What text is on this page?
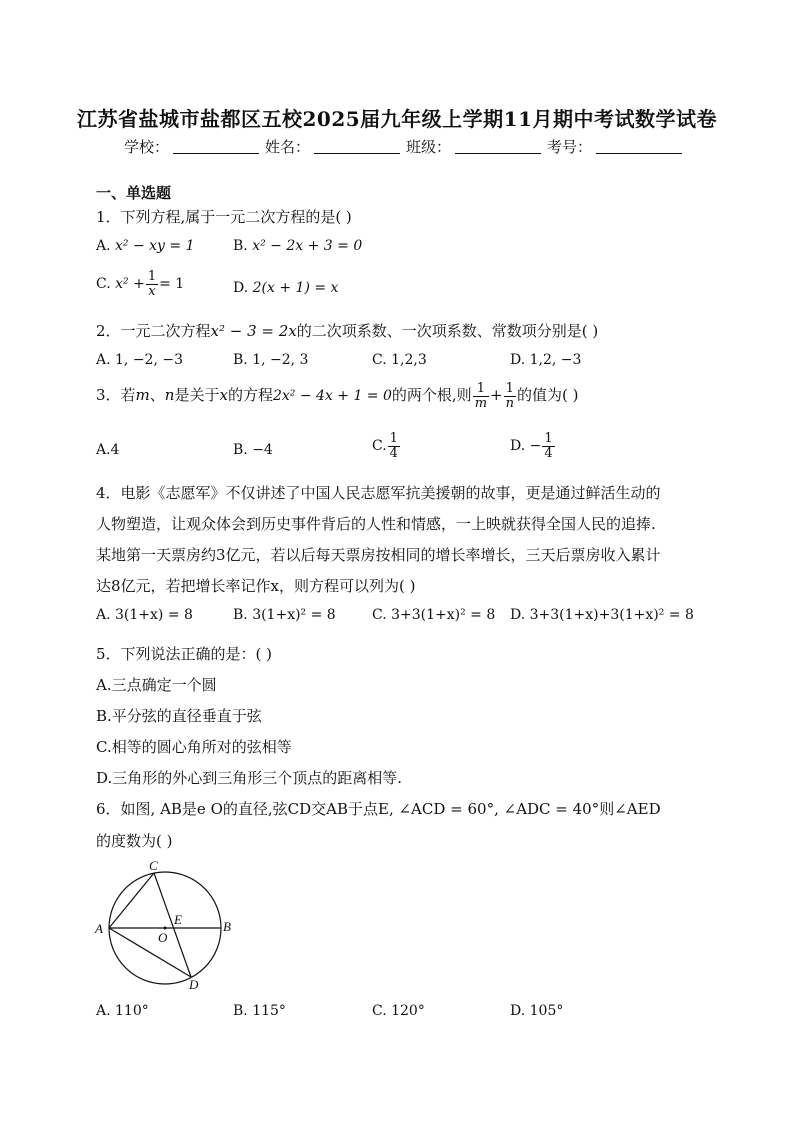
江苏省盐城市盐都区五校2025届九年级上学期11月期中考试数学试卷
学校：	姓名：	班级：	考号：
一、单选题
1．下列方程,属于一元二次方程的是( )
A. x² − xy = 1	B. x² − 2x + 3 = 0
C. $x^2 + \frac{1}{x} = 1$	D. 2(x + 1) = x
2．一元二次方程x² − 3 = 2x的二次项系数、一次项系数、常数项分别是( )
A. 1, −2, −3	B. 1, −2, 3	C. 1,2,3	D. 1,2, −3
3．若m、n是关于x的方程2x² − 4x + 1 = 0的两个根,则 $\frac{1}{m} + \frac{1}{n}$ 的值为( )
A.4	B. −4	C. $\frac{1}{4}$	D. − $\frac{1}{4}$
4．电影《志愿军》不仅讲述了中国人民志愿军抗美援朝的故事，更是通过鲜活生动的
人物塑造，让观众体会到历史事件背后的人性和情感，一上映就获得全国人民的追捧.
某地第一天票房约3亿元，若以后每天票房按相同的增长率增长，三天后票房收入累计
达8亿元，若把增长率记作x，则方程可以列为( )
A. 3(1+x) = 8	B. 3(1+x)² = 8	C. 3+3(1+x)² = 8 D. 3+3(1+x)+3(1+x)² = 8
5．下列说法正确的是：( )
A.三点确定一个圆
B.平分弦的直径垂直于弦
C.相等的圆心角所对的弦相等
D.三角形的外心到三角形三个顶点的距离相等.
6．如图, AB是e O的直径,弦CD交AB于点E, ∠ACD = 60°, ∠ADC = 40°则∠AED
的度数为( )
A	B
C
D
E
O
A. 110°	B. 115°	C. 120°	D. 105°
